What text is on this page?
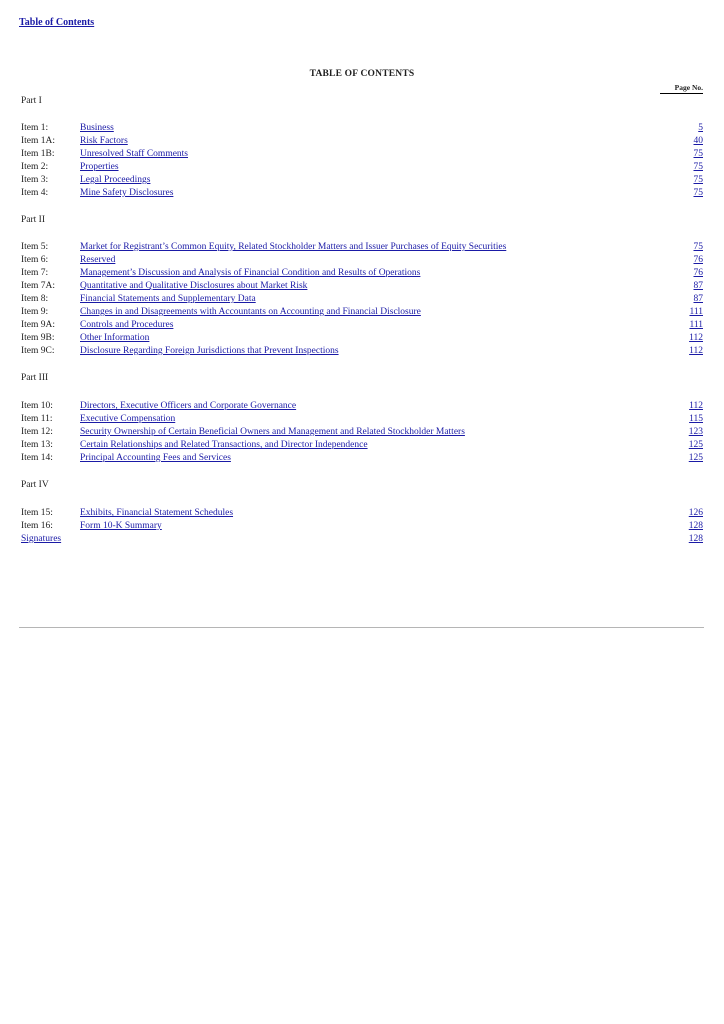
Table of Contents
TABLE OF CONTENTS
Page No.
Part I
Item 1:	Business	5
Item 1A:	Risk Factors	40
Item 1B:	Unresolved Staff Comments	75
Item 2:	Properties	75
Item 3:	Legal Proceedings	75
Item 4:	Mine Safety Disclosures	75
Part II
Item 5:	Market for Registrant’s Common Equity, Related Stockholder Matters and Issuer Purchases of Equity Securities	75
Item 6:	Reserved	76
Item 7:	Management’s Discussion and Analysis of Financial Condition and Results of Operations	76
Item 7A:	Quantitative and Qualitative Disclosures about Market Risk	87
Item 8:	Financial Statements and Supplementary Data	87
Item 9:	Changes in and Disagreements with Accountants on Accounting and Financial Disclosure	111
Item 9A:	Controls and Procedures	111
Item 9B:	Other Information	112
Item 9C:	Disclosure Regarding Foreign Jurisdictions that Prevent Inspections	112
Part III
Item 10:	Directors, Executive Officers and Corporate Governance	112
Item 11:	Executive Compensation	115
Item 12:	Security Ownership of Certain Beneficial Owners and Management and Related Stockholder Matters	123
Item 13:	Certain Relationships and Related Transactions, and Director Independence	125
Item 14:	Principal Accounting Fees and Services	125
Part IV
Item 15:	Exhibits, Financial Statement Schedules	126
Item 16:	Form 10-K Summary	128
Signatures	128
